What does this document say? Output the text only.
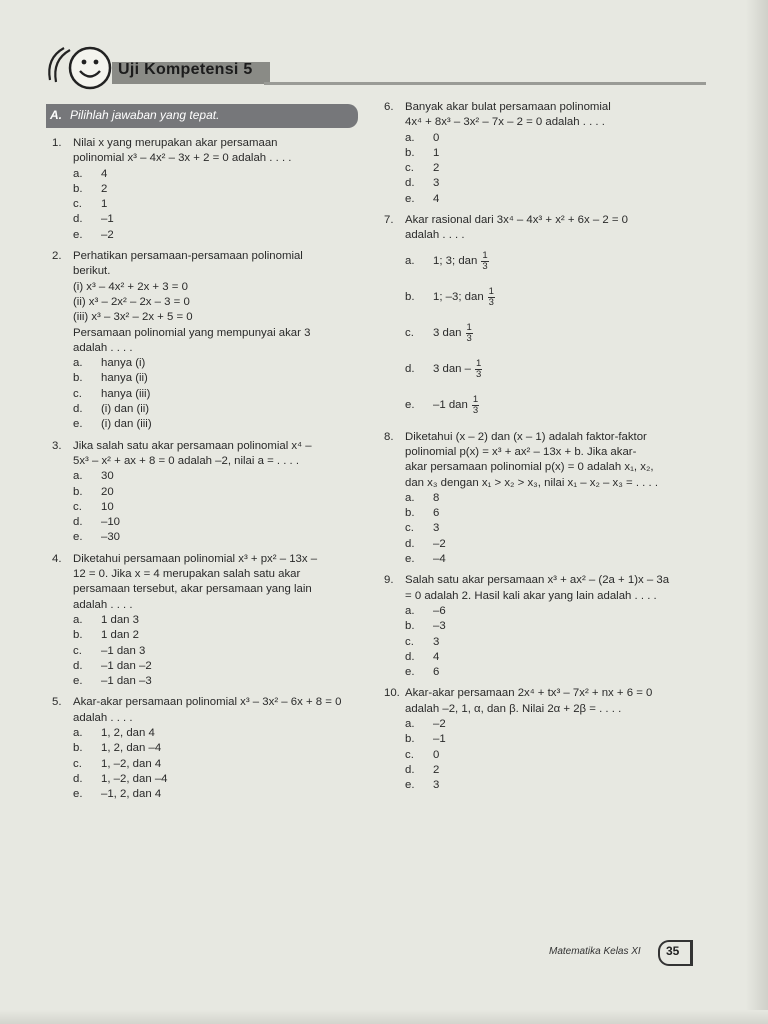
Uji Kompetensi 5
A. Pilihlah jawaban yang tepat.
1. Nilai x yang merupakan akar persamaan
polinomial x³ – 4x² – 3x + 2 = 0 adalah . . . .
a.	4
b.	2
c.	1
d.	–1
e.	–2
2. Perhatikan persamaan-persamaan polinomial
berikut.
(i) x³ – 4x² + 2x + 3 = 0
(ii) x³ – 2x² – 2x – 3 = 0
(iii) x³ – 3x² – 2x + 5 = 0
Persamaan polinomial yang mempunyai akar 3
adalah . . . .
a.	hanya (i)
b.	hanya (ii)
c.	hanya (iii)
d.	(i) dan (ii)
e.	(i) dan (iii)
3. Jika salah satu akar persamaan polinomial x⁴ –
5x³ – x² + ax + 8 = 0 adalah –2, nilai a = . . . .
a.	30
b.	20
c.	10
d.	–10
e.	–30
4. Diketahui persamaan polinomial x³ + px² – 13x –
12 = 0. Jika x = 4 merupakan salah satu akar
persamaan tersebut, akar persamaan yang lain
adalah . . . .
a.	1 dan 3
b.	1 dan 2
c.	–1 dan 3
d.	–1 dan –2
e.	–1 dan –3
5. Akar-akar persamaan polinomial x³ – 3x² – 6x + 8 = 0
adalah . . . .
a.	1, 2, dan 4
b.	1, 2, dan –4
c.	1, –2, dan 4
d.	1, –2, dan –4
e.	–1, 2, dan 4
6. Banyak akar bulat persamaan polinomial
4x⁴ + 8x³ – 3x² – 7x – 2 = 0 adalah . . . .
a.	0
b.	1
c.	2
d.	3
e.	4
7. Akar rasional dari 3x⁴ – 4x³ + x² + 6x – 2 = 0
adalah . . . .
a.	1; 3; dan $\frac{1}{3}$
b.	1; –3; dan $\frac{1}{3}$
c.	3 dan $\frac{1}{3}$
d.	3 dan – $\frac{1}{3}$
e.	–1 dan $\frac{1}{3}$
8. Diketahui (x – 2) dan (x – 1) adalah faktor-faktor
polinomial p(x) = x³ + ax² – 13x + b. Jika akar-
akar persamaan polinomial p(x) = 0 adalah x₁, x₂,
dan x₃ dengan x₁ > x₂ > x₃, nilai x₁ – x₂ – x₃ = . . . .
a.	8
b.	6
c.	3
d.	–2
e.	–4
9. Salah satu akar persamaan x³ + ax² – (2a + 1)x – 3a
= 0 adalah 2. Hasil kali akar yang lain adalah . . . .
a.	–6
b.	–3
c.	3
d.	4
e.	6
10. Akar-akar persamaan 2x⁴ + tx³ – 7x² + nx + 6 = 0
adalah –2, 1, α, dan β. Nilai 2α + 2β = . . . .
a.	–2
b.	–1
c.	0
d.	2
e.	3
Matematika Kelas XI 35
